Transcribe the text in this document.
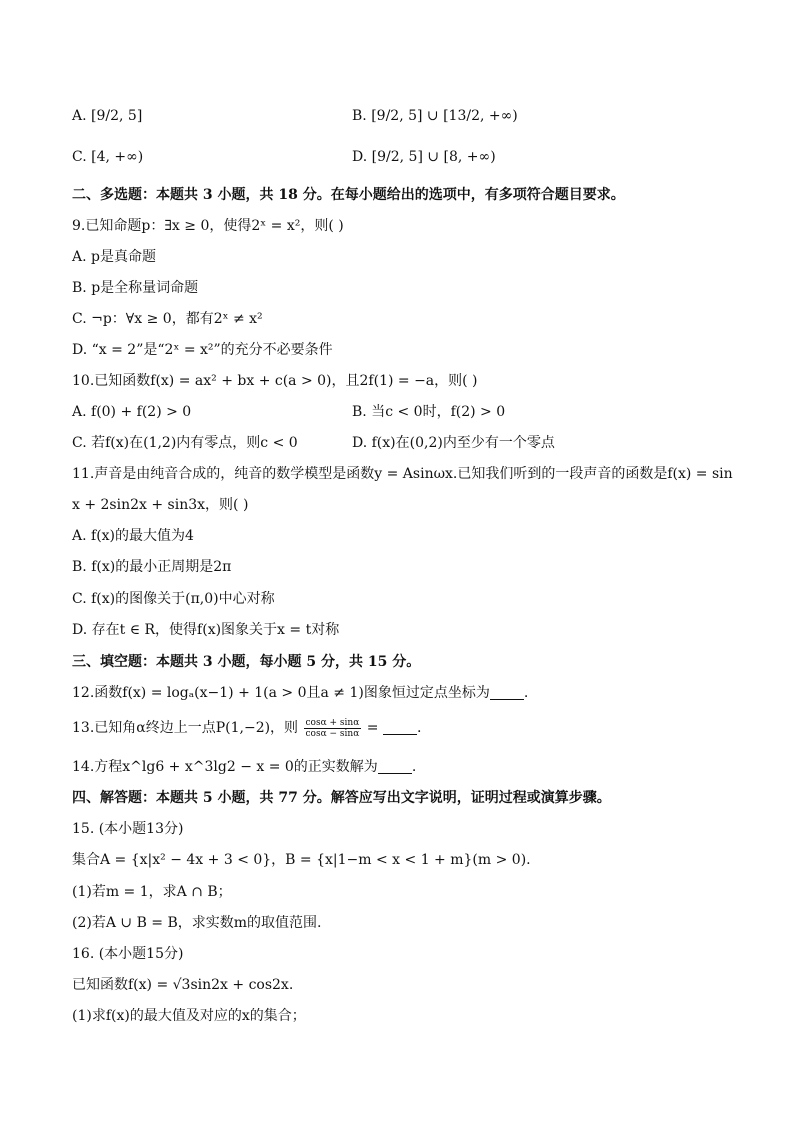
A. [9/2, 5]	B. [9/2, 5] ∪ [13/2, +∞)
C. [4, +∞)	D. [9/2, 5] ∪ [8, +∞)
二、多选题：本题共 3 小题，共 18 分。在每小题给出的选项中，有多项符合题目要求。
9.已知命题p：∃x ≥ 0，使得2ˣ = x²，则( )
A. p是真命题
B. p是全称量词命题
C. ¬p：∀x ≥ 0，都有2ˣ ≠ x²
D. “x = 2”是“2ˣ = x²”的充分不必要条件
10.已知函数f(x) = ax² + bx + c(a > 0)，且2f(1) = −a，则( )
A. f(0) + f(2) > 0	B. 当c < 0时，f(2) > 0
C. 若f(x)在(1,2)内有零点，则c < 0	D. f(x)在(0,2)内至少有一个零点
11.声音是由纯音合成的，纯音的数学模型是函数y = Asinωx.已知我们听到的一段声音的函数是f(x) = sin
x + 2sin2x + sin3x，则( )
A. f(x)的最大值为4
B. f(x)的最小正周期是2π
C. f(x)的图像关于(π,0)中心对称
D. 存在t ∈ R，使得f(x)图象关于x = t对称
三、填空题：本题共 3 小题，每小题 5 分，共 15 分。
12.函数f(x) = logₐ(x−1) + 1(a > 0且a ≠ 1)图象恒过定点坐标为 .
13.已知角α终边上一点P(1,−2)，则 $\frac{\cos\alpha + \sin\alpha}{\cos\alpha - \sin\alpha}$ =	.
14.方程x^lg6 + x^3lg2 − x = 0的正实数解为 .
四、解答题：本题共 5 小题，共 77 分。解答应写出文字说明，证明过程或演算步骤。
15. (本小题13分)
集合A = {x|x² − 4x + 3 < 0}，B = {x|1−m < x < 1 + m}(m > 0).
(1)若m = 1，求A ∩ B；
(2)若A ∪ B = B，求实数m的取值范围.
16. (本小题15分)
已知函数f(x) = √3sin2x + cos2x.
(1)求f(x)的最大值及对应的x的集合；
